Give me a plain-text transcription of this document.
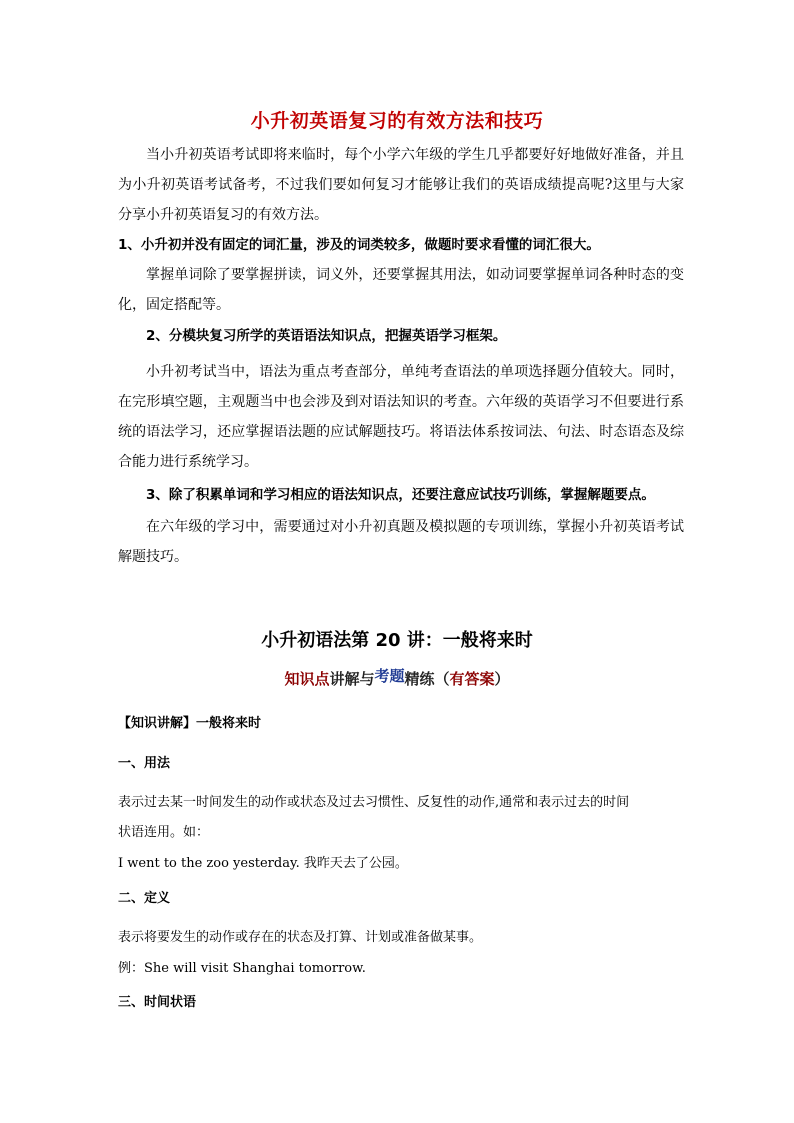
小升初英语复习的有效方法和技巧

当小升初英语考试即将来临时，每个小学六年级的学生几乎都要好好地做好准备，并且为小升初英语考试备考，不过我们要如何复习才能够让我们的英语成绩提高呢?这里与大家分享小升初英语复习的有效方法。

1、小升初并没有固定的词汇量，涉及的词类较多，做题时要求看懂的词汇很大。

掌握单词除了要掌握拼读，词义外，还要掌握其用法，如动词要掌握单词各种时态的变化，固定搭配等。

2、分模块复习所学的英语语法知识点，把握英语学习框架。

小升初考试当中，语法为重点考查部分，单纯考查语法的单项选择题分值较大。同时，在完形填空题，主观题当中也会涉及到对语法知识的考查。六年级的英语学习不但要进行系统的语法学习，还应掌握语法题的应试解题技巧。将语法体系按词法、句法、时态语态及综合能力进行系统学习。

3、除了积累单词和学习相应的语法知识点，还要注意应试技巧训练，掌握解题要点。

在六年级的学习中，需要通过对小升初真题及模拟题的专项训练，掌握小升初英语考试解题技巧。

小升初语法第 20 讲：一般将来时
知识点讲解与考题精练（有答案）

【知识讲解】一般将来时

一、用法

表示过去某一时间发生的动作或状态及过去习惯性、反复性的动作,通常和表示过去的时间

状语连用。如：

I went to the zoo yesterday. 我昨天去了公园。

二、定义

表示将要发生的动作或存在的状态及打算、计划或准备做某事。

例：She will visit Shanghai tomorrow.

三、时间状语
